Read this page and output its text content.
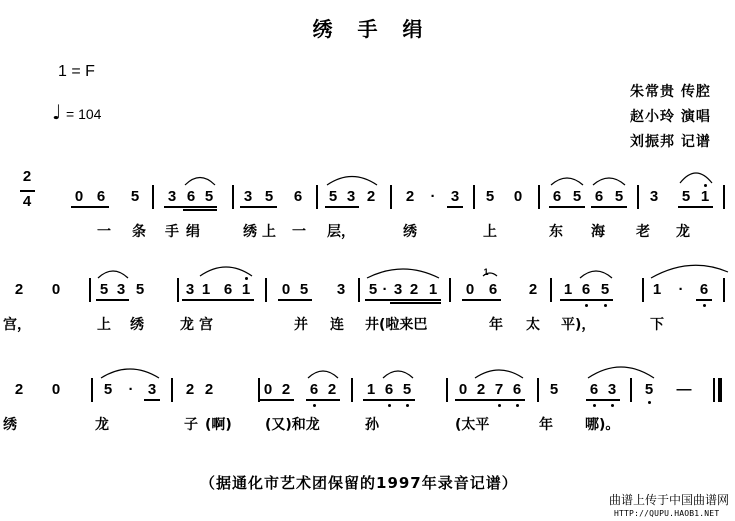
绣 手 绢
1 = F
♩ = 104
朱常贵 传腔
赵小玲 演唱
刘振邦 记谱
2
4	0 6 5 3 6 5 3 5 6 5 3 2 2	·	3 5 0 6 5 6 5 3 5 1
一 条 手 绢	绣 上 一 层，	绣	上	东 海 老 龙
2 0	5 3 5	3 1 6 1 0 5 3 5 · 3 2 1 0
1
6 2 1 6 5	1	·	6
宫，	上 绣	龙 宫	并 连 井(啦来巴	年 太 平)，	下
2 0	5	· 3 2 2	0 2 6 2 1 6 5	0 2 7 6 5 6 3 5 —
绣	龙	子 (啊) (又)和龙	孙	(太平	年 哪)。
（据通化市艺术团保留的1997年录音记谱）
曲谱上传于中国曲谱网
HTTP://QUPU.HAOB1.NET
